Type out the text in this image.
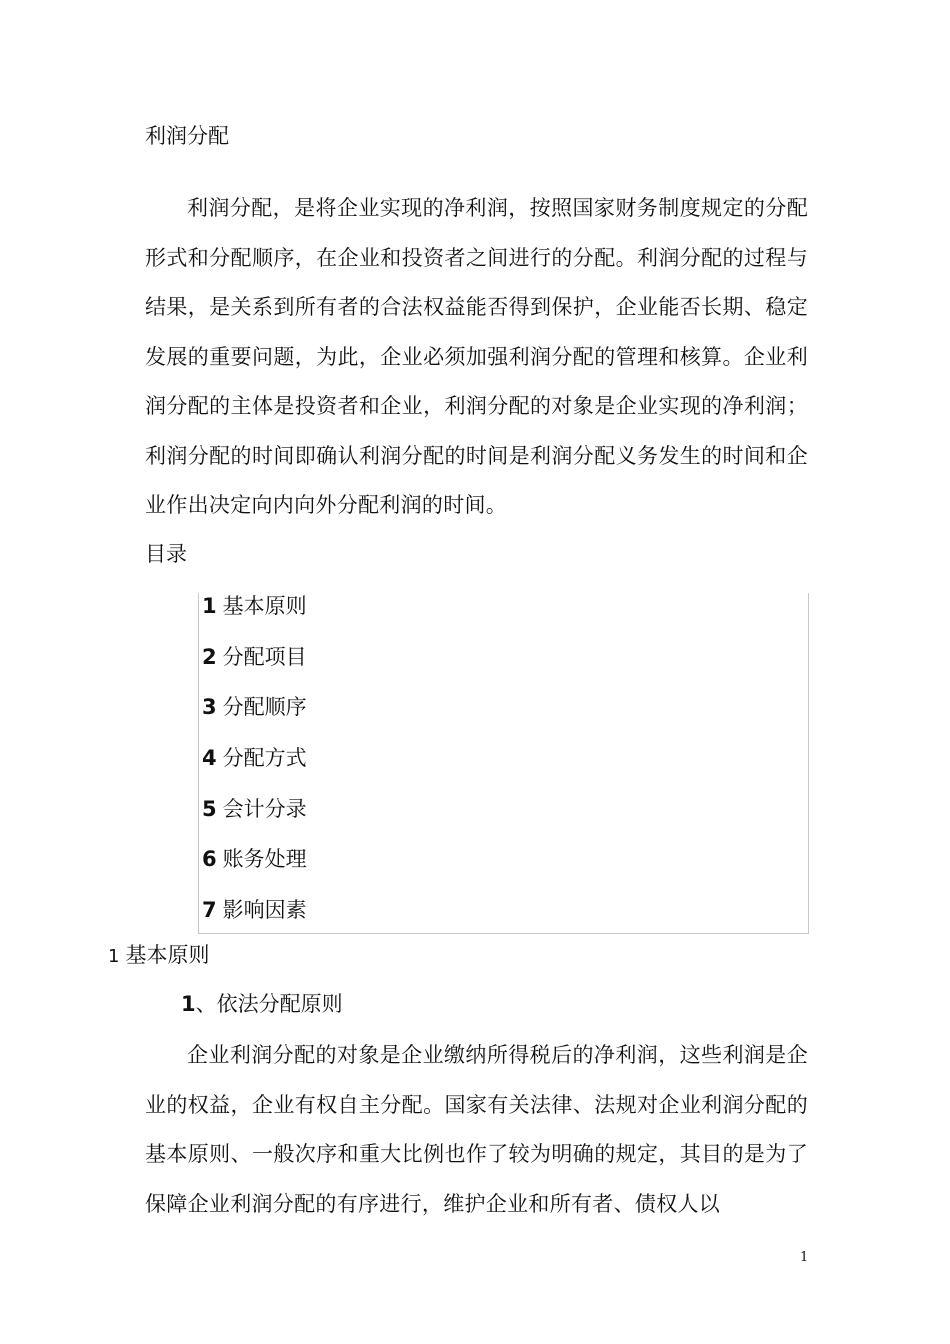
利润分配

利润分配，是将企业实现的净利润，按照国家财务制度规定的分配形式和分配顺序，在企业和投资者之间进行的分配。利润分配的过程与结果，是关系到所有者的合法权益能否得到保护，企业能否长期、稳定发展的重要问题，为此，企业必须加强利润分配的管理和核算。企业利润分配的主体是投资者和企业，利润分配的对象是企业实现的净利润；利润分配的时间即确认利润分配的时间是利润分配义务发生的时间和企业作出决定向内向外分配利润的时间。

目录
1 基本原则
2 分配项目
3 分配顺序
4 分配方式
5 会计分录
6 账务处理
7 影响因素
1 基本原则
1、依法分配原则

企业利润分配的对象是企业缴纳所得税后的净利润，这些利润是企业的权益，企业有权自主分配。国家有关法律、法规对企业利润分配的基本原则、一般次序和重大比例也作了较为明确的规定，其目的是为了保障企业利润分配的有序进行，维护企业和所有者、债权人以

1
